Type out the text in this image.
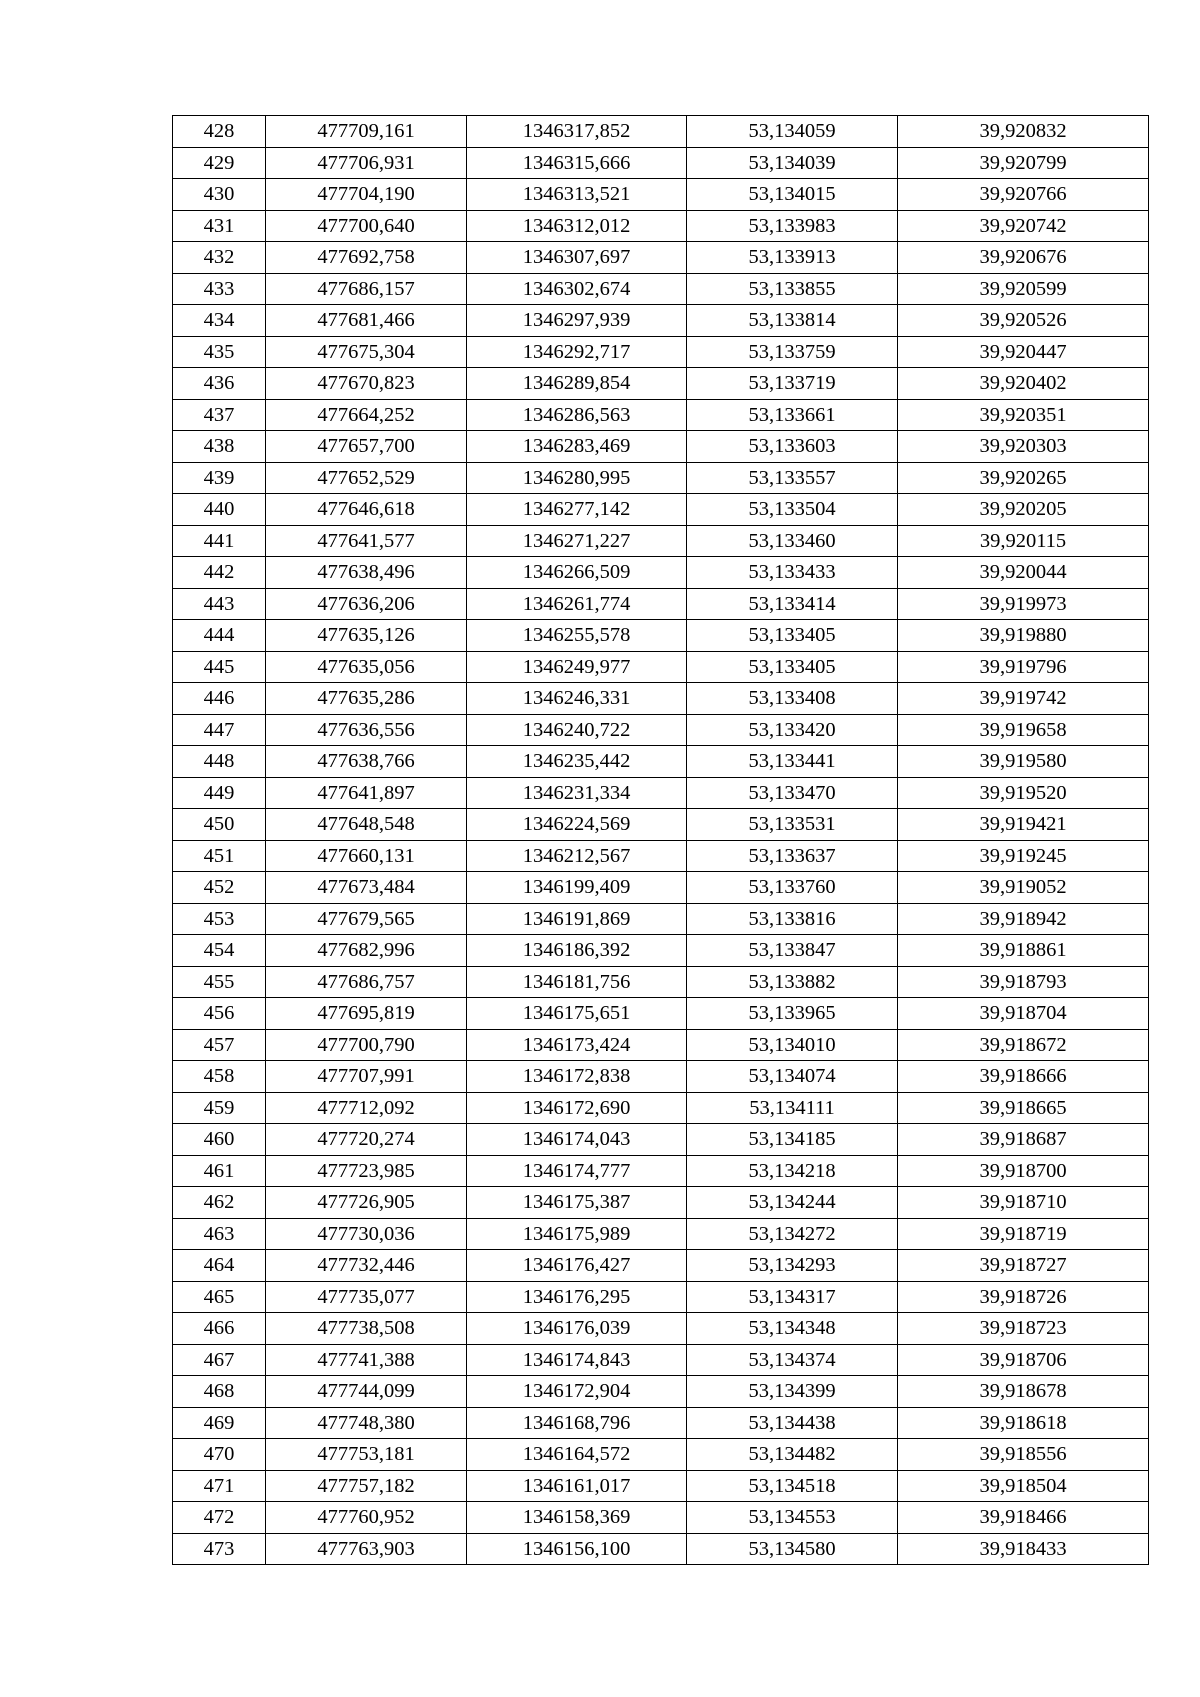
428	477709,161	1346317,852	53,134059	39,920832
429	477706,931	1346315,666	53,134039	39,920799
430	477704,190	1346313,521	53,134015	39,920766
431	477700,640	1346312,012	53,133983	39,920742
432	477692,758	1346307,697	53,133913	39,920676
433	477686,157	1346302,674	53,133855	39,920599
434	477681,466	1346297,939	53,133814	39,920526
435	477675,304	1346292,717	53,133759	39,920447
436	477670,823	1346289,854	53,133719	39,920402
437	477664,252	1346286,563	53,133661	39,920351
438	477657,700	1346283,469	53,133603	39,920303
439	477652,529	1346280,995	53,133557	39,920265
440	477646,618	1346277,142	53,133504	39,920205
441	477641,577	1346271,227	53,133460	39,920115
442	477638,496	1346266,509	53,133433	39,920044
443	477636,206	1346261,774	53,133414	39,919973
444	477635,126	1346255,578	53,133405	39,919880
445	477635,056	1346249,977	53,133405	39,919796
446	477635,286	1346246,331	53,133408	39,919742
447	477636,556	1346240,722	53,133420	39,919658
448	477638,766	1346235,442	53,133441	39,919580
449	477641,897	1346231,334	53,133470	39,919520
450	477648,548	1346224,569	53,133531	39,919421
451	477660,131	1346212,567	53,133637	39,919245
452	477673,484	1346199,409	53,133760	39,919052
453	477679,565	1346191,869	53,133816	39,918942
454	477682,996	1346186,392	53,133847	39,918861
455	477686,757	1346181,756	53,133882	39,918793
456	477695,819	1346175,651	53,133965	39,918704
457	477700,790	1346173,424	53,134010	39,918672
458	477707,991	1346172,838	53,134074	39,918666
459	477712,092	1346172,690	53,134111	39,918665
460	477720,274	1346174,043	53,134185	39,918687
461	477723,985	1346174,777	53,134218	39,918700
462	477726,905	1346175,387	53,134244	39,918710
463	477730,036	1346175,989	53,134272	39,918719
464	477732,446	1346176,427	53,134293	39,918727
465	477735,077	1346176,295	53,134317	39,918726
466	477738,508	1346176,039	53,134348	39,918723
467	477741,388	1346174,843	53,134374	39,918706
468	477744,099	1346172,904	53,134399	39,918678
469	477748,380	1346168,796	53,134438	39,918618
470	477753,181	1346164,572	53,134482	39,918556
471	477757,182	1346161,017	53,134518	39,918504
472	477760,952	1346158,369	53,134553	39,918466
473	477763,903	1346156,100	53,134580	39,918433
